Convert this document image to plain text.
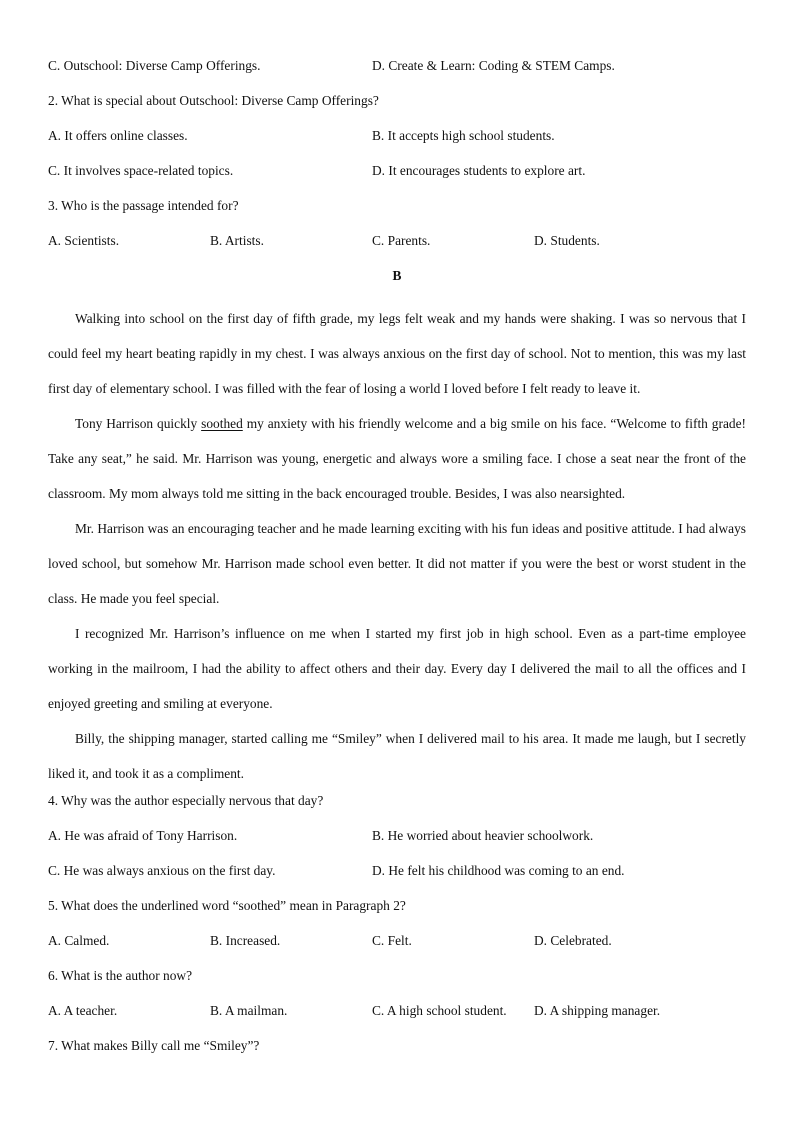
C. Outschool: Diverse Camp Offerings.	D. Create & Learn: Coding & STEM Camps.
2. What is special about Outschool: Diverse Camp Offerings?
A. It offers online classes.	B. It accepts high school students.
C. It involves space-related topics.	D. It encourages students to explore art.
3. Who is the passage intended for?
A. Scientists.	B. Artists.	C. Parents.	D. Students.
B

Walking into school on the first day of fifth grade, my legs felt weak and my hands were shaking. I was so nervous that I could feel my heart beating rapidly in my chest. I was always anxious on the first day of school. Not to mention, this was my last first day of elementary school. I was filled with the fear of losing a world I loved before I felt ready to leave it.

Tony Harrison quickly soothed my anxiety with his friendly welcome and a big smile on his face. “Welcome to fifth grade! Take any seat,” he said. Mr. Harrison was young, energetic and always wore a smiling face. I chose a seat near the front of the classroom. My mom always told me sitting in the back encouraged trouble. Besides, I was also nearsighted.

Mr. Harrison was an encouraging teacher and he made learning exciting with his fun ideas and positive attitude. I had always loved school, but somehow Mr. Harrison made school even better. It did not matter if you were the best or worst student in the class. He made you feel special.

I recognized Mr. Harrison’s influence on me when I started my first job in high school. Even as a part-time employee working in the mailroom, I had the ability to affect others and their day. Every day I delivered the mail to all the offices and I enjoyed greeting and smiling at everyone.

Billy, the shipping manager, started calling me “Smiley” when I delivered mail to his area. It made me laugh, but I secretly liked it, and took it as a compliment.

4. Why was the author especially nervous that day?
A. He was afraid of Tony Harrison.	B. He worried about heavier schoolwork.
C. He was always anxious on the first day.	D. He felt his childhood was coming to an end.
5. What does the underlined word “soothed” mean in Paragraph 2?
A. Calmed.	B. Increased.	C. Felt.	D. Celebrated.
6. What is the author now?
A. A teacher.	B. A mailman.	C. A high school student.	D. A shipping manager.
7. What makes Billy call me “Smiley”?
